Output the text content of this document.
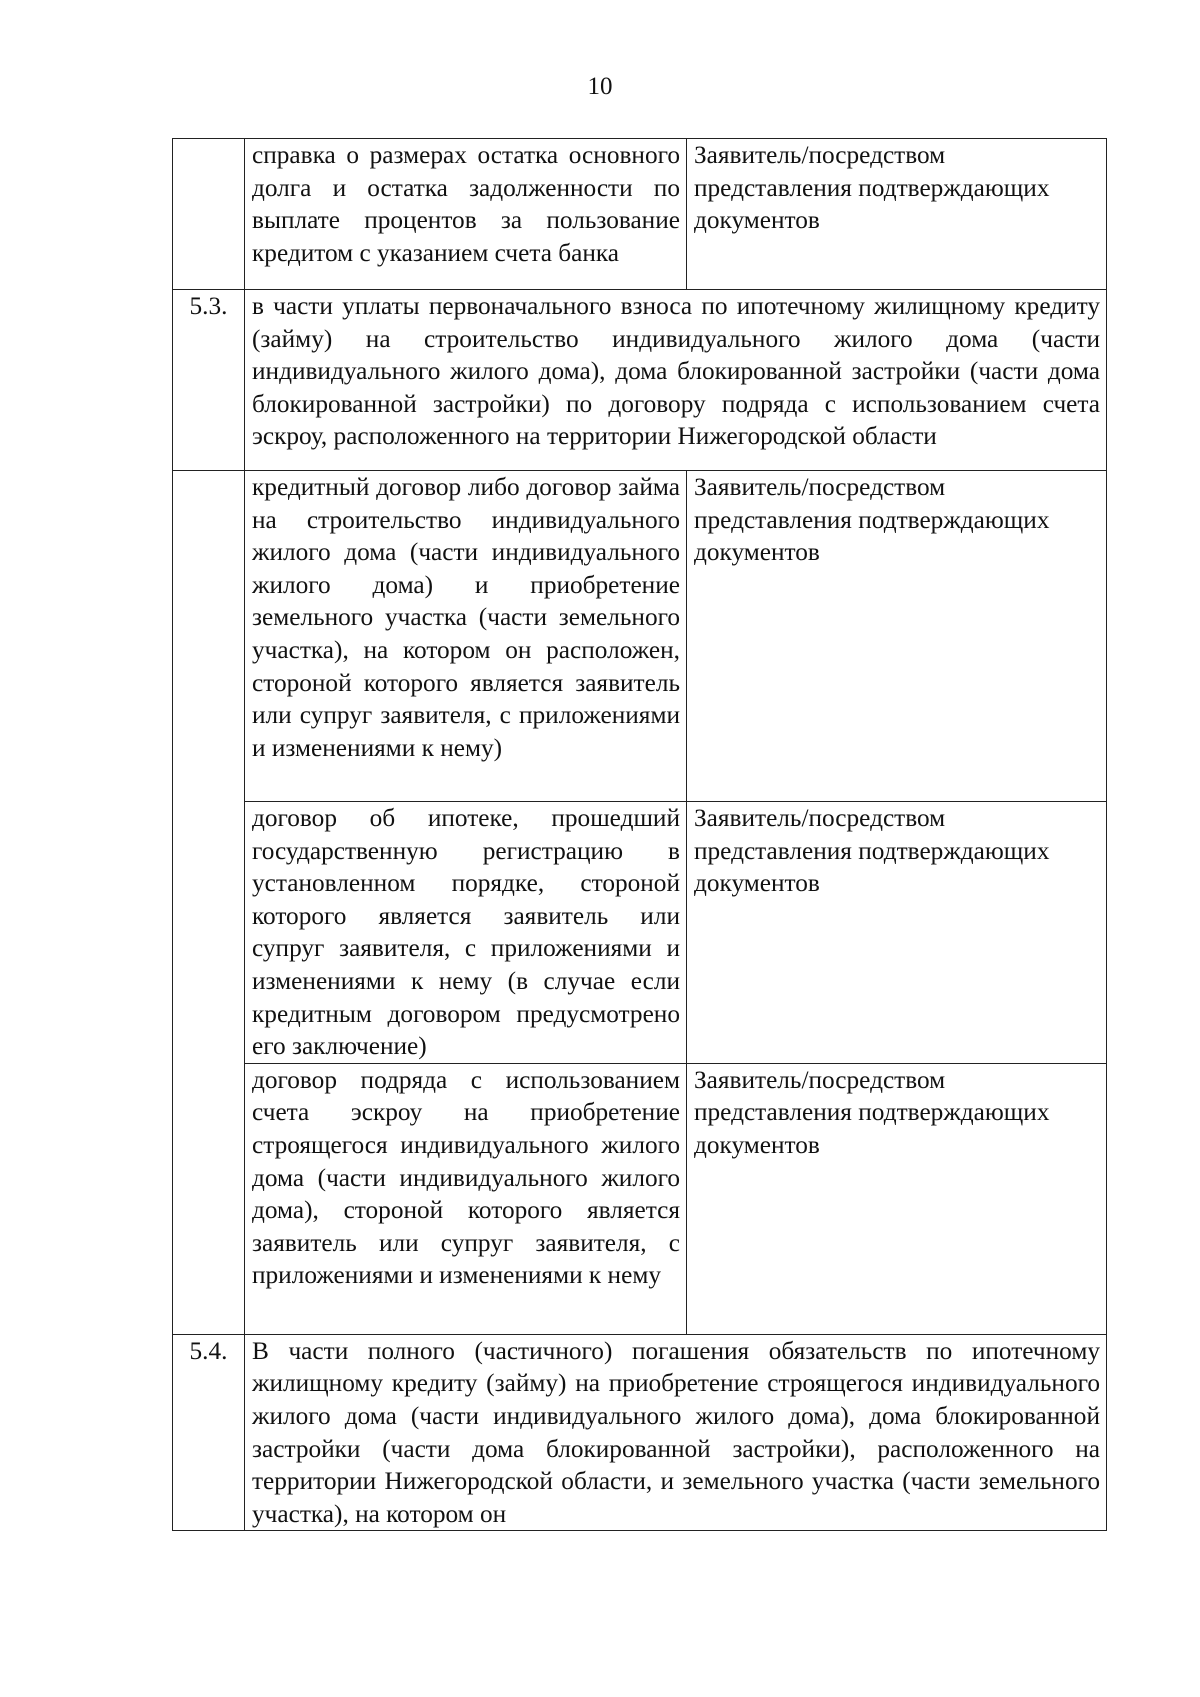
10
	справка о размерах остатка основного долга и остатка задолженности по выплате процентов за пользование кредитом с указанием счета банка	Заявитель/посредством представления подтверждающих документов
5.3.	в части уплаты первоначального взноса по ипотечному жилищному кредиту (займу) на строительство индивидуального жилого дома (части индивидуального жилого дома), дома блокированной застройки (части дома блокированной застройки) по договору подряда с использованием счета эскроу, расположенного на территории Нижегородской области	
	кредитный договор либо договор займа на строительство индивидуального жилого дома (части индивидуального жилого дома) и приобретение земельного участка (части земельного участка), на котором он расположен, стороной которого является заявитель или супруг заявителя, с приложениями и изменениями к нему)	Заявитель/посредством представления подтверждающих документов
	договор об ипотеке, прошедший государственную регистрацию в установленном порядке, стороной которого является заявитель или супруг заявителя, с приложениями и изменениями к нему (в случае если кредитным договором предусмотрено его заключение)	Заявитель/посредством представления подтверждающих документов
	договор подряда с использованием счета эскроу на приобретение строящегося индивидуального жилого дома (части индивидуального жилого дома), стороной которого является заявитель или супруг заявителя, с приложениями и изменениями к нему	Заявитель/посредством представления подтверждающих документов
5.4.	В части полного (частичного) погашения обязательств по ипотечному жилищному кредиту (займу) на приобретение строящегося индивидуального жилого дома (части индивидуального жилого дома), дома блокированной застройки (части дома блокированной застройки), расположенного на территории Нижегородской области, и земельного участка (части земельного участка), на котором он	
